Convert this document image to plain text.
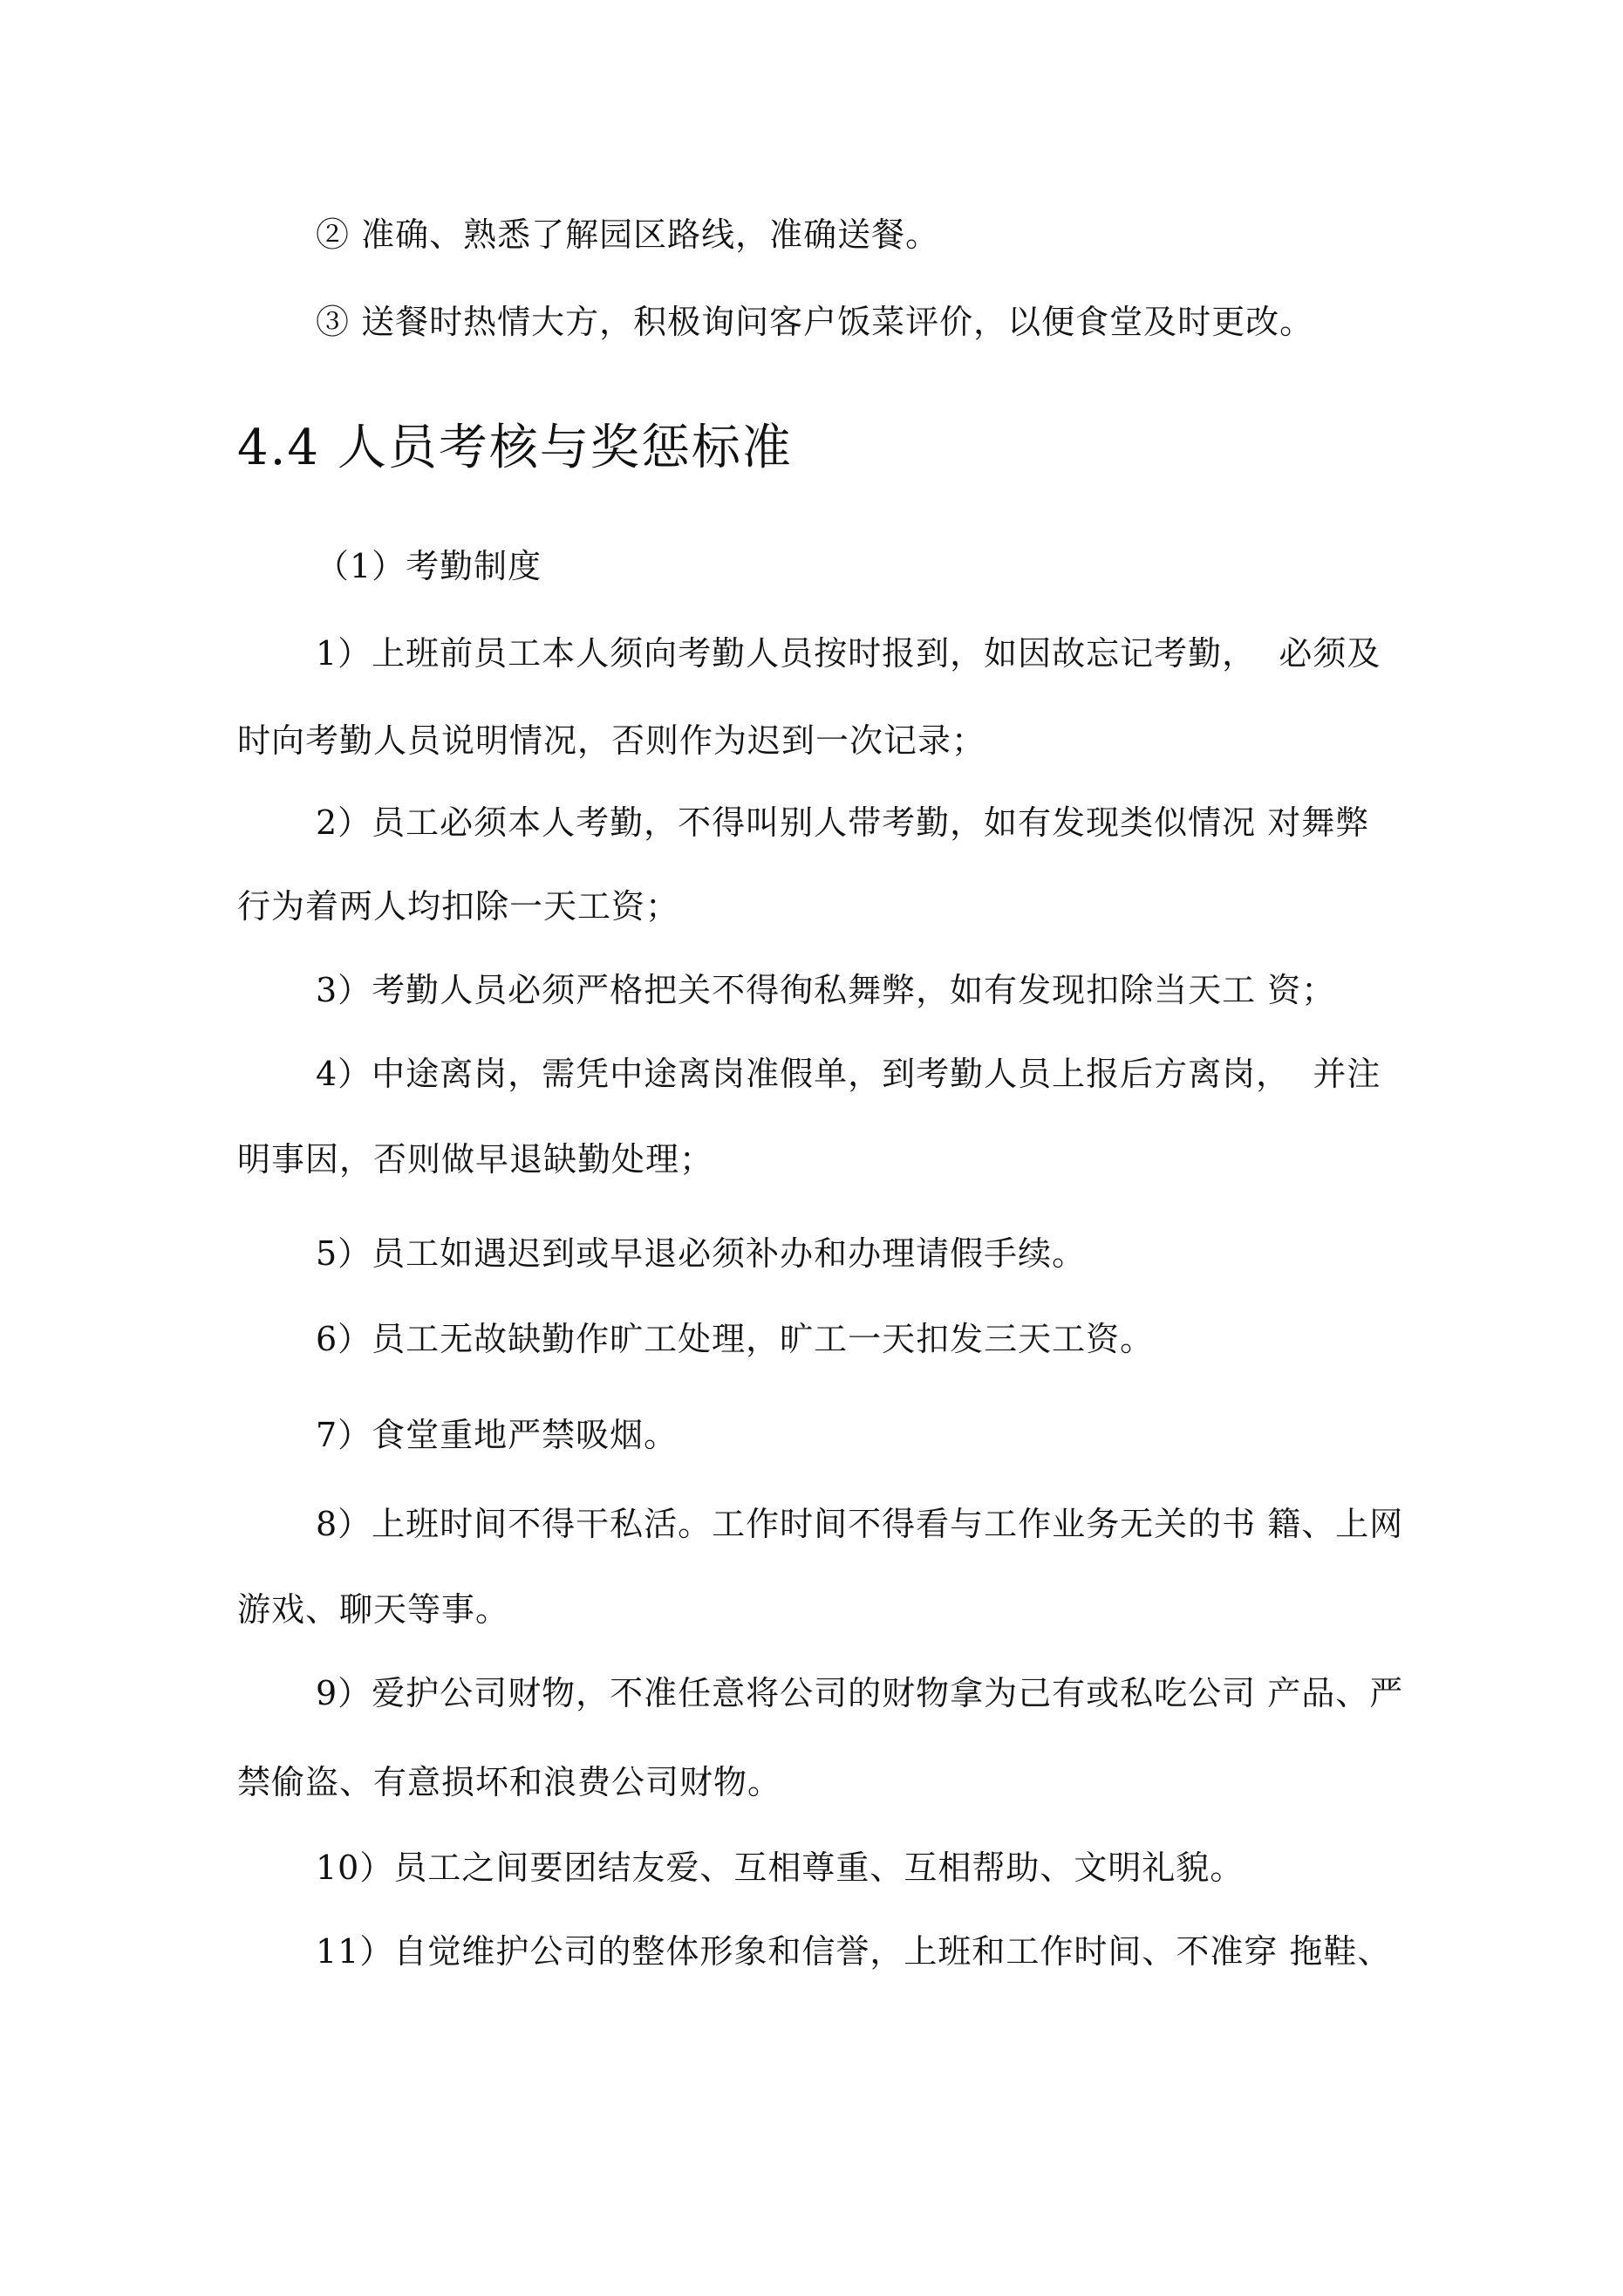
② 准确、熟悉了解园区路线，准确送餐。
③ 送餐时热情大方，积极询问客户饭菜评价，以便食堂及时更改。
4.4 人员考核与奖惩标准
（1）考勤制度
1）上班前员工本人须向考勤人员按时报到，如因故忘记考勤，  必须及
时向考勤人员说明情况，否则作为迟到一次记录；
2）员工必须本人考勤，不得叫别人带考勤，如有发现类似情况 对舞弊
行为着两人均扣除一天工资；
3）考勤人员必须严格把关不得徇私舞弊，如有发现扣除当天工 资；
4）中途离岗，需凭中途离岗准假单，到考勤人员上报后方离岗，  并注
明事因，否则做早退缺勤处理；
5）员工如遇迟到或早退必须补办和办理请假手续。
6）员工无故缺勤作旷工处理，旷工一天扣发三天工资。
7）食堂重地严禁吸烟。
8）上班时间不得干私活。工作时间不得看与工作业务无关的书 籍、上网
游戏、聊天等事。
9）爱护公司财物，不准任意将公司的财物拿为己有或私吃公司 产品、严
禁偷盗、有意损坏和浪费公司财物。
10）员工之间要团结友爱、互相尊重、互相帮助、文明礼貌。
11）自觉维护公司的整体形象和信誉，上班和工作时间、不准穿 拖鞋、
